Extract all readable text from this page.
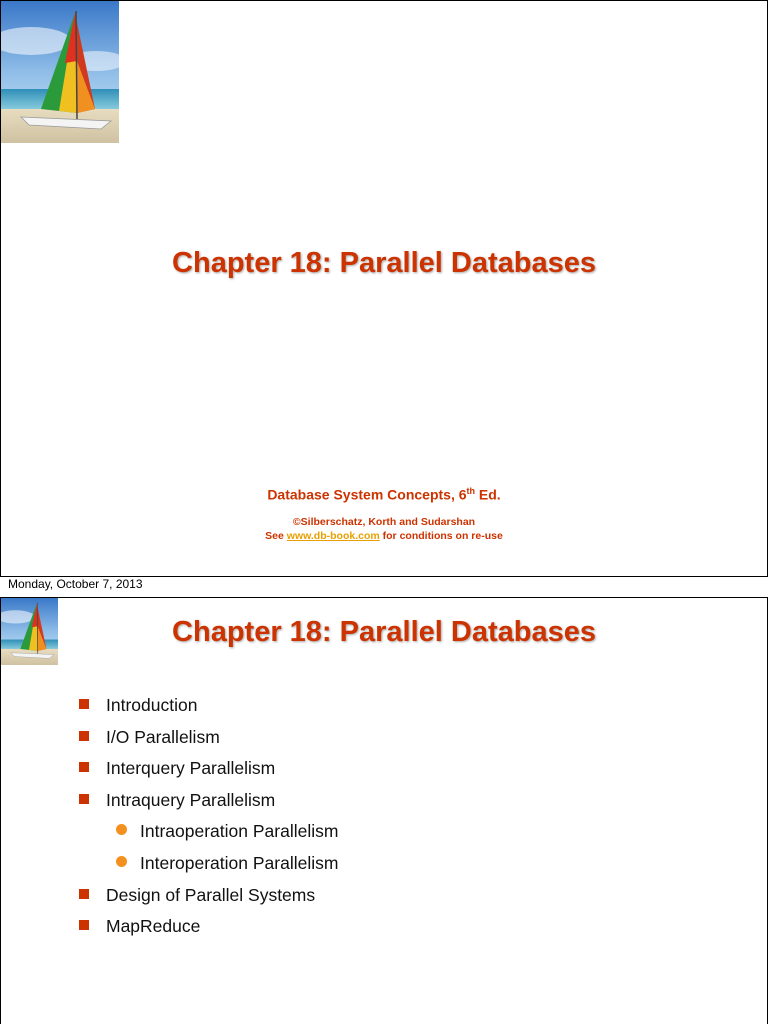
Chapter 18: Parallel Databases
Database System Concepts, 6th Ed.
©Silberschatz, Korth and Sudarshan
See www.db-book.com for conditions on re-use
Monday, October 7, 2013
Chapter 18: Parallel Databases
Introduction
I/O Parallelism
Interquery Parallelism
Intraquery Parallelism
Intraoperation Parallelism
Interoperation Parallelism
Design of Parallel Systems
MapReduce
